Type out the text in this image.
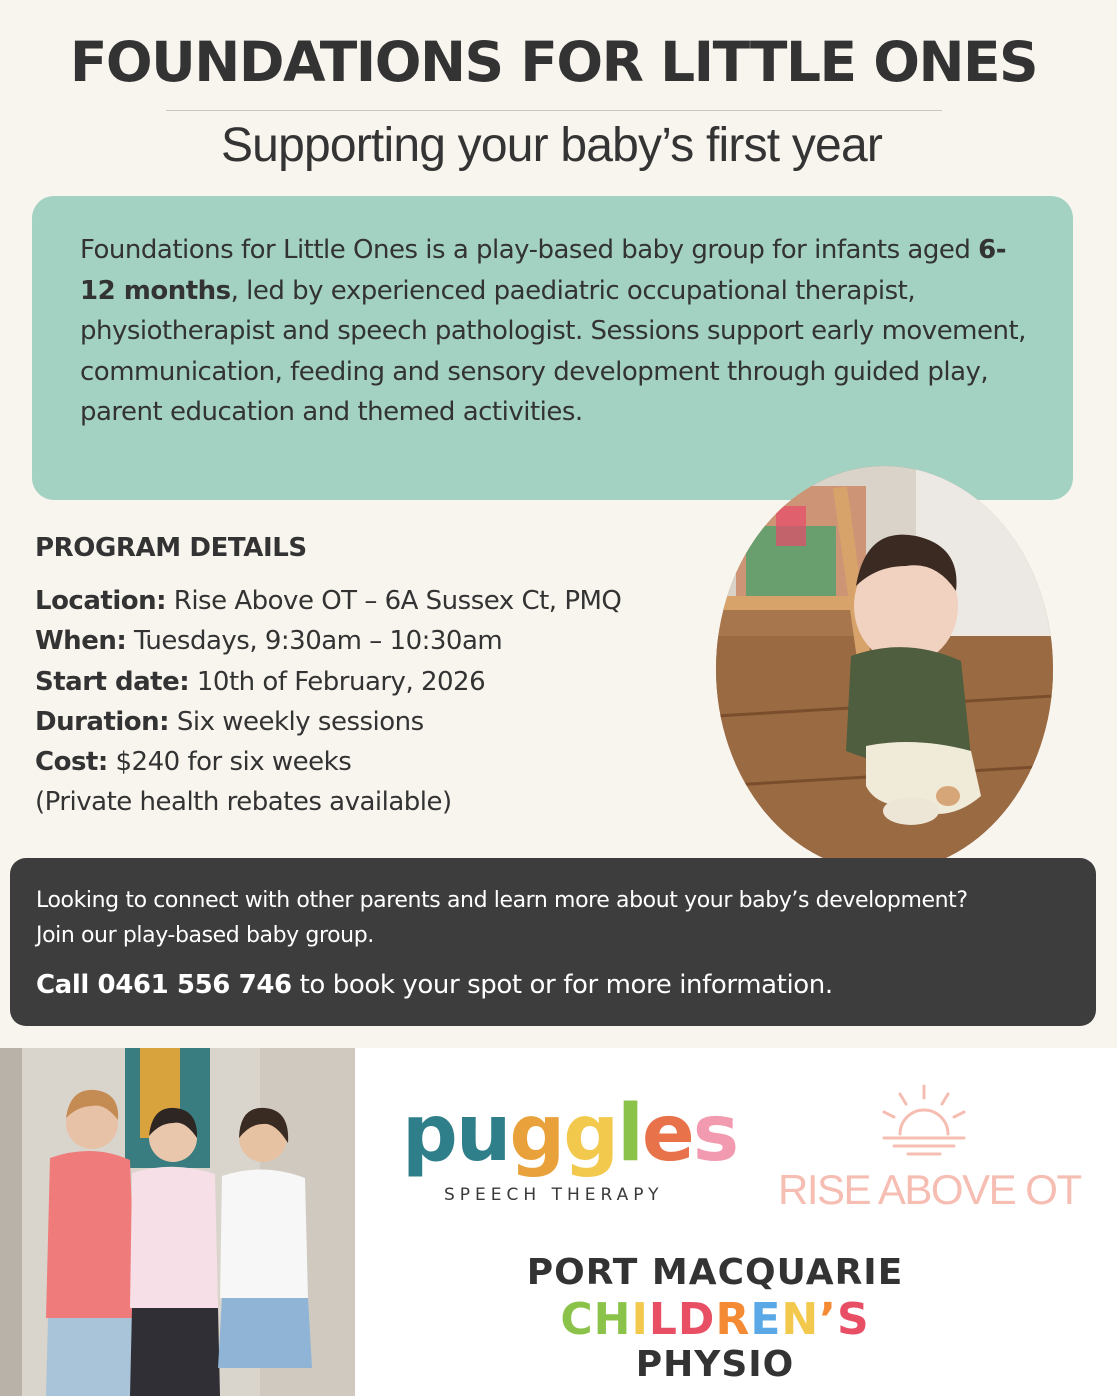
FOUNDATIONS FOR LITTLE ONES
Supporting your baby’s first year
Foundations for Little Ones is a play-based baby group for infants aged 6-12 months, led by experienced paediatric occupational therapist, physiotherapist and speech pathologist. Sessions support early movement, communication, feeding and sensory development through guided play, parent education and themed activities.
PROGRAM DETAILS
Location: Rise Above OT – 6A Sussex Ct, PMQ
When: Tuesdays, 9:30am – 10:30am
Start date: 10th of February, 2026
Duration: Six weekly sessions
Cost: $240 for six weeks
(Private health rebates available)
Looking to connect with other parents and learn more about your baby’s development?
Join our play-based baby group.
Call 0461 556 746 to book your spot or for more information.
puggles
SPEECH THERAPY	RISE ABOVE OT
PORT MACQUARIE
CHILDREN’S
PHYSIO
